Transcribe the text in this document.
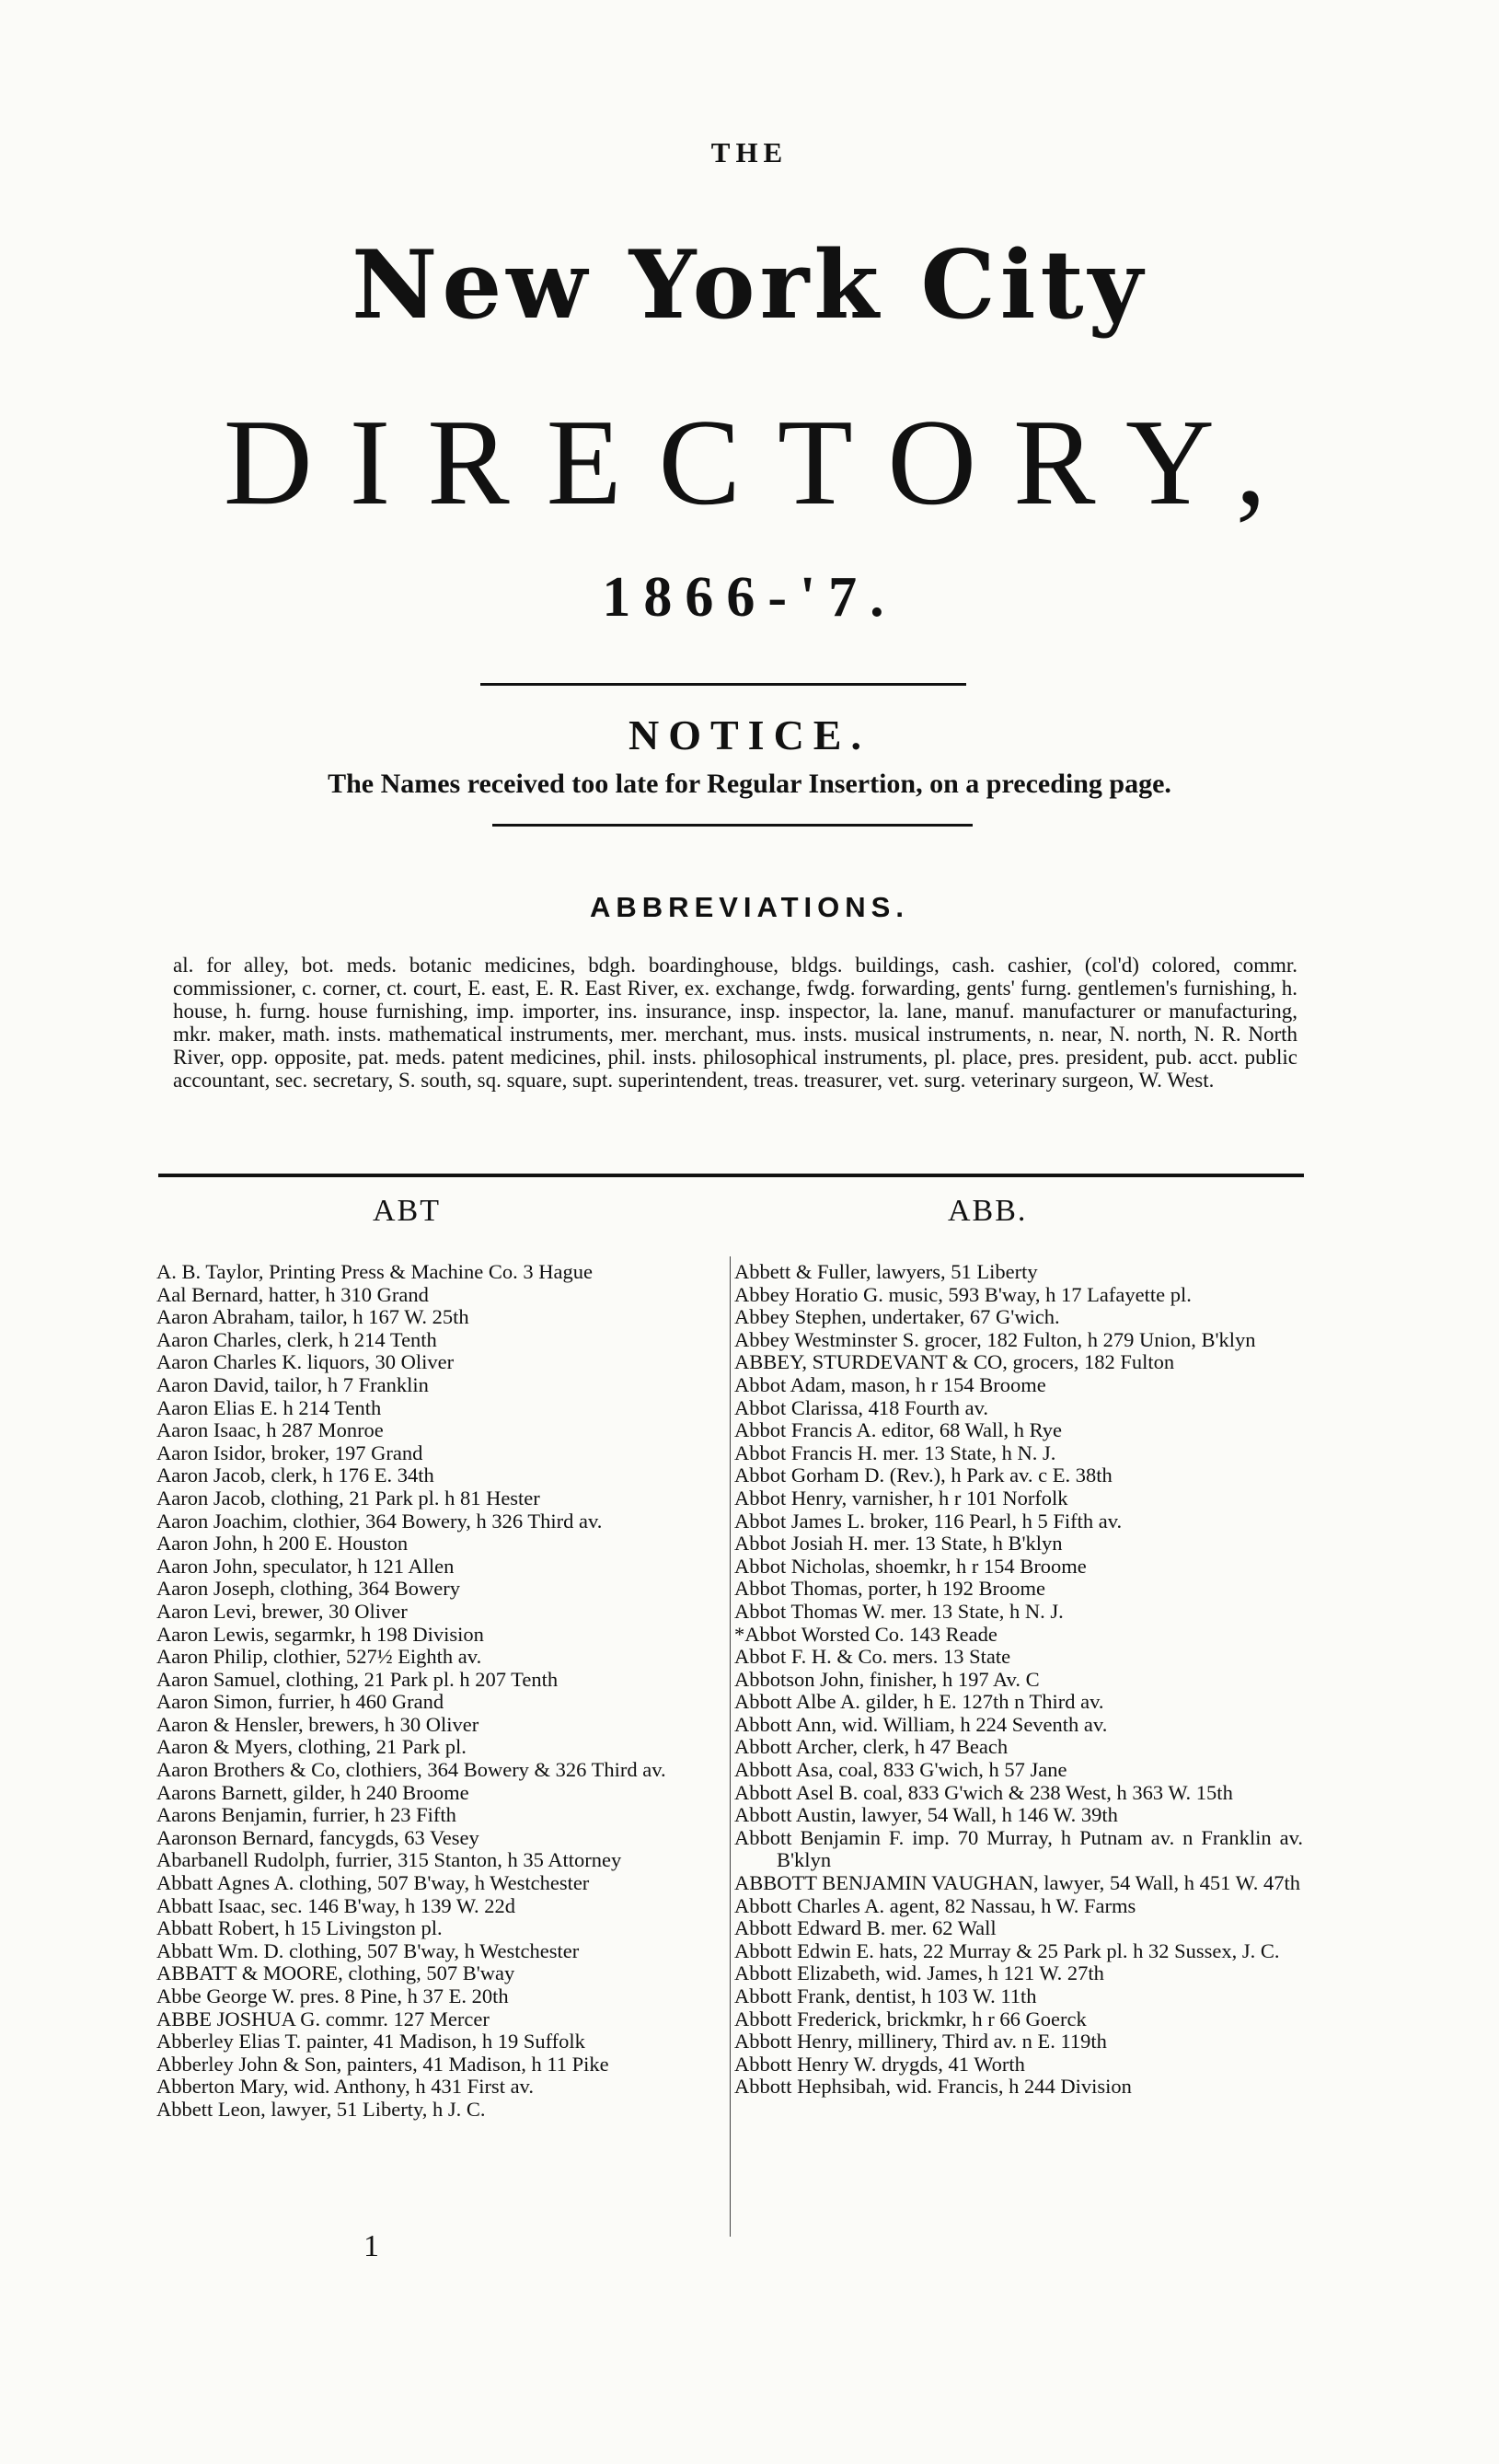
THE
New York City
DIRECTORY,
1866-'7.
NOTICE.
The Names received too late for Regular Insertion, on a preceding page.
ABBREVIATIONS.
al. for alley, bot. meds. botanic medicines, bdgh. boardinghouse, bldgs. buildings, cash. cashier, (col'd) colored, commr. commissioner, c. corner, ct. court, E. east, E. R. East River, ex. exchange, fwdg. forwarding, gents' furng. gentlemen's furnishing, h. house, h. furng. house furnishing, imp. importer, ins. insurance, insp. inspector, la. lane, manuf. manufacturer or manufacturing, mkr. maker, math. insts. mathematical instruments, mer. merchant, mus. insts. musical instruments, n. near, N. north, N. R. North River, opp. opposite, pat. meds. patent medicines, phil. insts. philosophical instruments, pl. place, pres. president, pub. acct. public accountant, sec. secretary, S. south, sq. square, supt. superintendent, treas. treasurer, vet. surg. veterinary surgeon, W. West.
ABT	ABB.
A. B. Taylor, Printing Press & Machine Co. 3 Hague
Aal Bernard, hatter, h 310 Grand
Aaron Abraham, tailor, h 167 W. 25th
Aaron Charles, clerk, h 214 Tenth
Aaron Charles K. liquors, 30 Oliver
Aaron David, tailor, h 7 Franklin
Aaron Elias E. h 214 Tenth
Aaron Isaac, h 287 Monroe
Aaron Isidor, broker, 197 Grand
Aaron Jacob, clerk, h 176 E. 34th
Aaron Jacob, clothing, 21 Park pl. h 81 Hester
Aaron Joachim, clothier, 364 Bowery, h 326 Third av.
Aaron John, h 200 E. Houston
Aaron John, speculator, h 121 Allen
Aaron Joseph, clothing, 364 Bowery
Aaron Levi, brewer, 30 Oliver
Aaron Lewis, segarmkr, h 198 Division
Aaron Philip, clothier, 527½ Eighth av.
Aaron Samuel, clothing, 21 Park pl. h 207 Tenth
Aaron Simon, furrier, h 460 Grand
Aaron & Hensler, brewers, h 30 Oliver
Aaron & Myers, clothing, 21 Park pl.
Aaron Brothers & Co, clothiers, 364 Bowery & 326 Third av.
Aarons Barnett, gilder, h 240 Broome
Aarons Benjamin, furrier, h 23 Fifth
Aaronson Bernard, fancygds, 63 Vesey
Abarbanell Rudolph, furrier, 315 Stanton, h 35 Attorney
Abbatt Agnes A. clothing, 507 B'way, h Westchester
Abbatt Isaac, sec. 146 B'way, h 139 W. 22d
Abbatt Robert, h 15 Livingston pl.
Abbatt Wm. D. clothing, 507 B'way, h Westchester
ABBATT & MOORE, clothing, 507 B'way
Abbe George W. pres. 8 Pine, h 37 E. 20th
ABBE JOSHUA G. commr. 127 Mercer
Abberley Elias T. painter, 41 Madison, h 19 Suffolk
Abberley John & Son, painters, 41 Madison, h 11 Pike
Abberton Mary, wid. Anthony, h 431 First av.
Abbett Leon, lawyer, 51 Liberty, h J. C.
Abbett & Fuller, lawyers, 51 Liberty
Abbey Horatio G. music, 593 B'way, h 17 Lafayette pl.
Abbey Stephen, undertaker, 67 G'wich.
Abbey Westminster S. grocer, 182 Fulton, h 279 Union, B'klyn
ABBEY, STURDEVANT & CO, grocers, 182 Fulton
Abbot Adam, mason, h r 154 Broome
Abbot Clarissa, 418 Fourth av.
Abbot Francis A. editor, 68 Wall, h Rye
Abbot Francis H. mer. 13 State, h N. J.
Abbot Gorham D. (Rev.), h Park av. c E. 38th
Abbot Henry, varnisher, h r 101 Norfolk
Abbot James L. broker, 116 Pearl, h 5 Fifth av.
Abbot Josiah H. mer. 13 State, h B'klyn
Abbot Nicholas, shoemkr, h r 154 Broome
Abbot Thomas, porter, h 192 Broome
Abbot Thomas W. mer. 13 State, h N. J.
*Abbot Worsted Co. 143 Reade
Abbot F. H. & Co. mers. 13 State
Abbotson John, finisher, h 197 Av. C
Abbott Albe A. gilder, h E. 127th n Third av.
Abbott Ann, wid. William, h 224 Seventh av.
Abbott Archer, clerk, h 47 Beach
Abbott Asa, coal, 833 G'wich, h 57 Jane
Abbott Asel B. coal, 833 G'wich & 238 West, h 363 W. 15th
Abbott Austin, lawyer, 54 Wall, h 146 W. 39th
Abbott Benjamin F. imp. 70 Murray, h Putnam av. n Franklin av. B'klyn
ABBOTT BENJAMIN VAUGHAN, lawyer, 54 Wall, h 451 W. 47th
Abbott Charles A. agent, 82 Nassau, h W. Farms
Abbott Edward B. mer. 62 Wall
Abbott Edwin E. hats, 22 Murray & 25 Park pl. h 32 Sussex, J. C.
Abbott Elizabeth, wid. James, h 121 W. 27th
Abbott Frank, dentist, h 103 W. 11th
Abbott Frederick, brickmkr, h r 66 Goerck
Abbott Henry, millinery, Third av. n E. 119th
Abbott Henry W. drygds, 41 Worth
Abbott Hephsibah, wid. Francis, h 244 Division
1
